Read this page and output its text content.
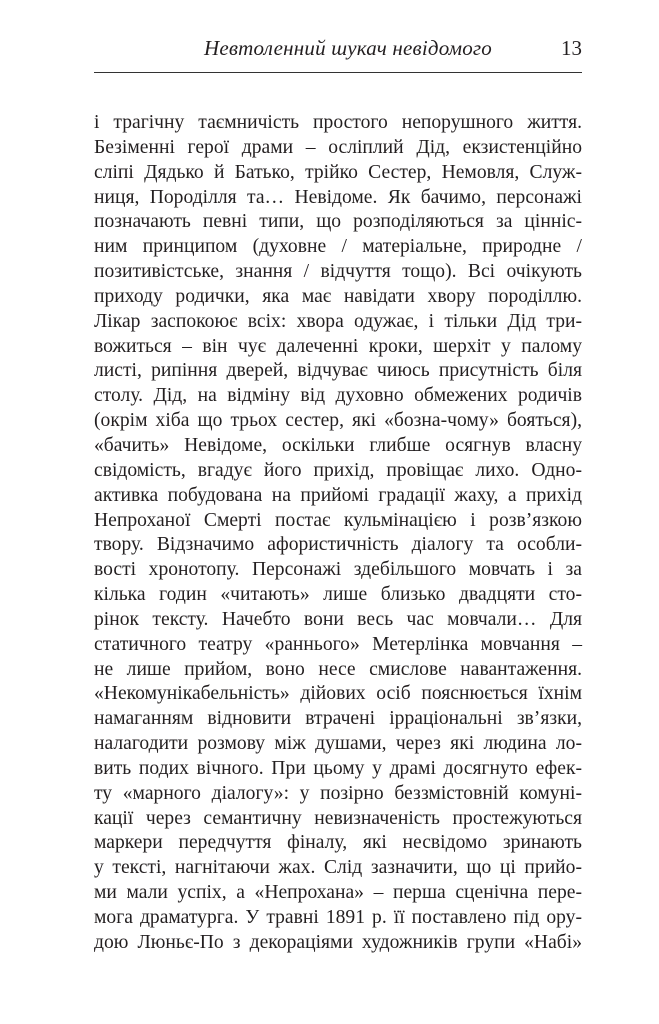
Невтоленний шукач невідомого	13
і трагічну таємничість простого непорушного життя.
Безіменні герої драми – осліплий Дід, екзистенційно
сліпі Дядько й Батько, трійко Сестер, Немовля, Служ-
ниця, Породілля та… Невідоме. Як бачимо, персонажі
позначають певні типи, що розподіляються за цінніс-
ним принципом (духовне / матеріальне, природне /
позитивістське, знання / відчуття тощо). Всі очікують
приходу родички, яка має навідати хвору породіллю.
Лікар заспокоює всіх: хвора одужає, і тільки Дід три-
вожиться – він чує далеченні кроки, шерхіт у палому
листі, рипіння дверей, відчуває чиюсь присутність біля
столу. Дід, на відміну від духовно обмежених родичів
(окрім хіба що трьох сестер, які «бозна-чому» бояться),
«бачить» Невідоме, оскільки глибше осягнув власну
свідомість, вгадує його прихід, провіщає лихо. Одно-
активка побудована на прийомі градації жаху, а прихід
Непроханої Смерті постає кульмінацією і розв’язкою
твору. Відзначимо афористичність діалогу та особли-
вості хронотопу. Персонажі здебільшого мовчать і за
кілька годин «читають» лише близько двадцяти сто-
рінок тексту. Начебто вони весь час мовчали… Для
статичного театру «раннього» Метерлінка мовчання –
не лише прийом, воно несе смислове навантаження.
«Некомунікабельність» дійових осіб пояснюється їхнім
намаганням відновити втрачені ірраціональні зв’язки,
налагодити розмову між душами, через які людина ло-
вить подих вічного. При цьому у драмі досягнуто ефек-
ту «марного діалогу»: у позірно беззмістовній комуні-
кації через семантичну невизначеність простежуються
маркери передчуття фіналу, які несвідомо зринають
у тексті, нагнітаючи жах. Слід зазначити, що ці прийо-
ми мали успіх, а «Непрохана» – перша сценічна пере-
мога драматурга. У травні 1891 р. її поставлено під ору-
дою Люньє-По з декораціями художників групи «Набі»
